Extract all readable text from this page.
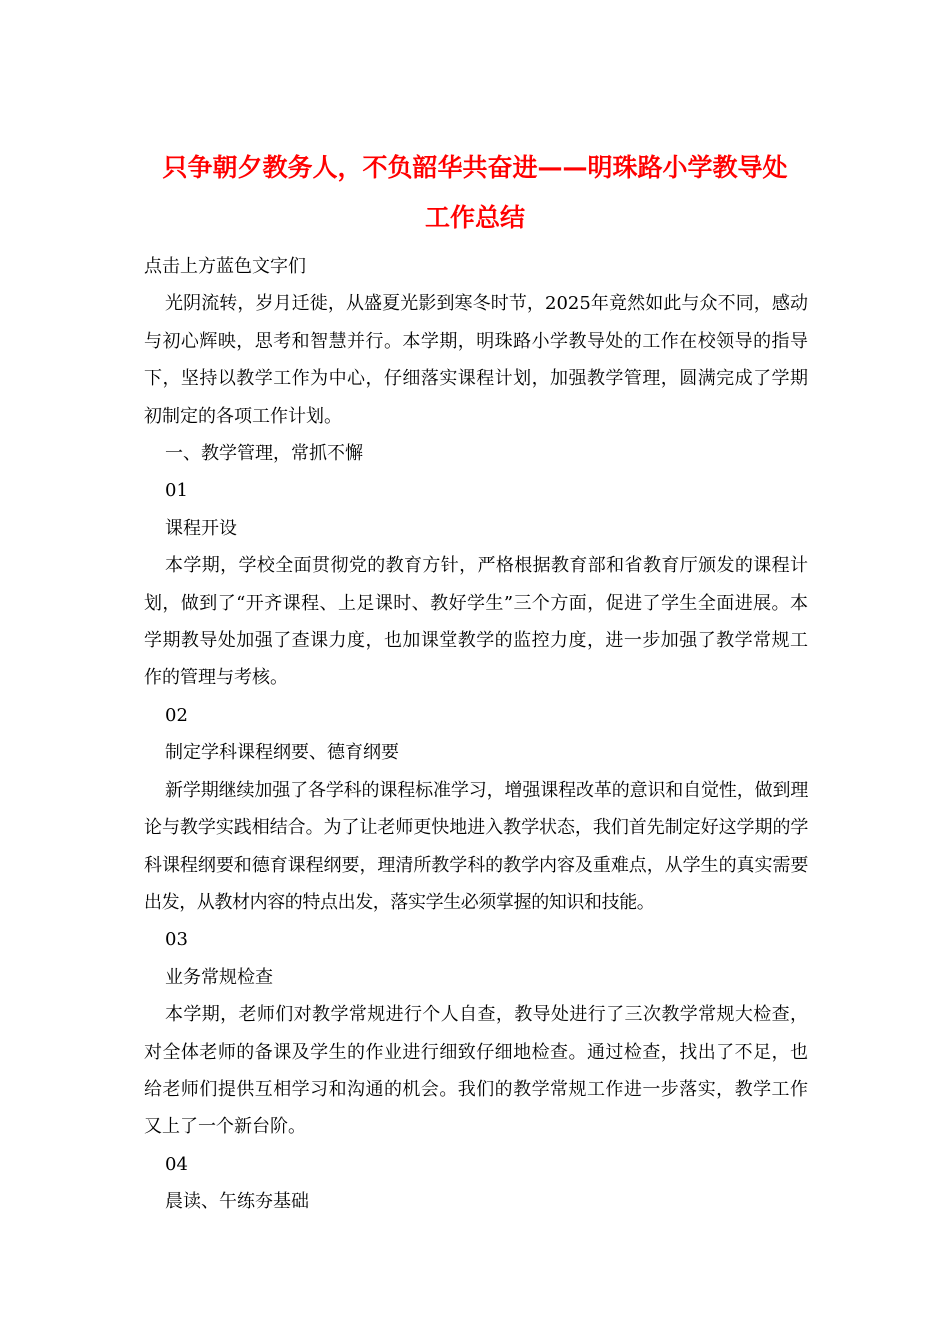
只争朝夕教务人，不负韶华共奋进——明珠路小学教导处
工作总结

点击上方蓝色文字们

光阴流转，岁月迁徙，从盛夏光影到寒冬时节，2025年竟然如此与众不同，感动与初心辉映，思考和智慧并行。本学期，明珠路小学教导处的工作在校领导的指导下，坚持以教学工作为中心，仔细落实课程计划，加强教学管理，圆满完成了学期初制定的各项工作计划。

一、教学管理，常抓不懈

01

课程开设

本学期，学校全面贯彻党的教育方针，严格根据教育部和省教育厅颁发的课程计划，做到了“开齐课程、上足课时、教好学生”三个方面，促进了学生全面进展。本学期教导处加强了查课力度，也加课堂教学的监控力度，进一步加强了教学常规工作的管理与考核。

02

制定学科课程纲要、德育纲要

新学期继续加强了各学科的课程标准学习，增强课程改革的意识和自觉性，做到理论与教学实践相结合。为了让老师更快地进入教学状态，我们首先制定好这学期的学科课程纲要和德育课程纲要，理清所教学科的教学内容及重难点，从学生的真实需要出发，从教材内容的特点出发，落实学生必须掌握的知识和技能。

03

业务常规检查

本学期，老师们对教学常规进行个人自查，教导处进行了三次教学常规大检查，对全体老师的备课及学生的作业进行细致仔细地检查。通过检查，找出了不足，也给老师们提供互相学习和沟通的机会。我们的教学常规工作进一步落实，教学工作又上了一个新台阶。

04

晨读、午练夯基础
